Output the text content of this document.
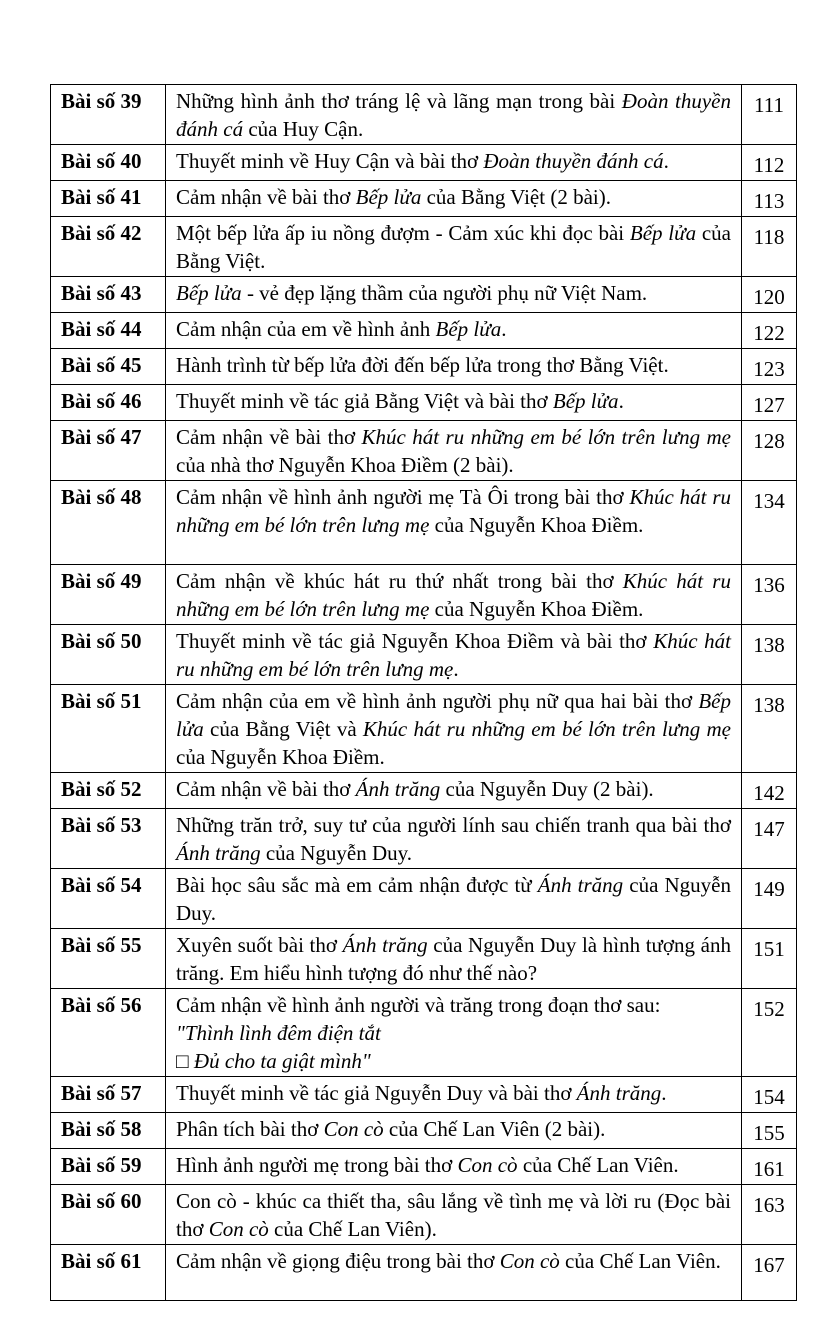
Bài số 39	Những hình ảnh thơ tráng lệ và lãng mạn trong bài Đoàn thuyền đánh cá của Huy Cận.	111
Bài số 40	Thuyết minh về Huy Cận và bài thơ Đoàn thuyền đánh cá.	112
Bài số 41	Cảm nhận về bài thơ Bếp lửa của Bằng Việt (2 bài).	113
Bài số 42	Một bếp lửa ấp iu nồng đượm - Cảm xúc khi đọc bài Bếp lửa của Bằng Việt.	118
Bài số 43	Bếp lửa - vẻ đẹp lặng thầm của người phụ nữ Việt Nam.	120
Bài số 44	Cảm nhận của em về hình ảnh Bếp lửa.	122
Bài số 45	Hành trình từ bếp lửa đời đến bếp lửa trong thơ Bằng Việt.	123
Bài số 46	Thuyết minh về tác giả Bằng Việt và bài thơ Bếp lửa.	127
Bài số 47	Cảm nhận về bài thơ Khúc hát ru những em bé lớn trên lưng mẹ của nhà thơ Nguyễn Khoa Điềm (2 bài).	128
Bài số 48	Cảm nhận về hình ảnh người mẹ Tà Ôi trong bài thơ Khúc hát ru những em bé lớn trên lưng mẹ của Nguyễn Khoa Điềm.	134
Bài số 49	Cảm nhận về khúc hát ru thứ nhất trong bài thơ Khúc hát ru những em bé lớn trên lưng mẹ của Nguyễn Khoa Điềm.	136
Bài số 50	Thuyết minh về tác giả Nguyễn Khoa Điềm và bài thơ Khúc hát ru những em bé lớn trên lưng mẹ.	138
Bài số 51	Cảm nhận của em về hình ảnh người phụ nữ qua hai bài thơ Bếp lửa của Bằng Việt và Khúc hát ru những em bé lớn trên lưng mẹ của Nguyễn Khoa Điềm.	138
Bài số 52	Cảm nhận về bài thơ Ánh trăng của Nguyễn Duy (2 bài).	142
Bài số 53	Những trăn trở, suy tư của người lính sau chiến tranh qua bài thơ Ánh trăng của Nguyễn Duy.	147
Bài số 54	Bài học sâu sắc mà em cảm nhận được từ Ánh trăng của Nguyễn Duy.	149
Bài số 55	Xuyên suốt bài thơ Ánh trăng của Nguyễn Duy là hình tượng ánh trăng. Em hiểu hình tượng đó như thế nào?	151
Bài số 56	Cảm nhận về hình ảnh người và trăng trong đoạn thơ sau:
"Thình lình đêm điện tắt
□ Đủ cho ta giật mình"	152
Bài số 57	Thuyết minh về tác giả Nguyễn Duy và bài thơ Ánh trăng.	154
Bài số 58	Phân tích bài thơ Con cò của Chế Lan Viên (2 bài).	155
Bài số 59	Hình ảnh người mẹ trong bài thơ Con cò của Chế Lan Viên.	161
Bài số 60	Con cò - khúc ca thiết tha, sâu lắng về tình mẹ và lời ru (Đọc bài thơ Con cò của Chế Lan Viên).	163
Bài số 61	Cảm nhận về giọng điệu trong bài thơ Con cò của Chế Lan Viên.	167
